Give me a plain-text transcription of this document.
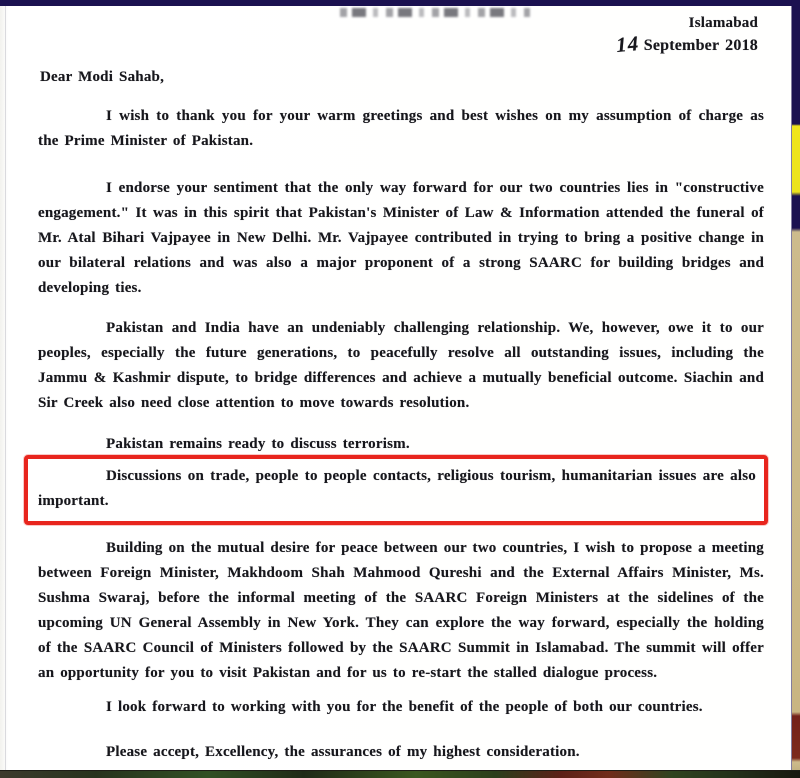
Islamabad
14 September 2018
Dear Modi Sahab,

I wish to thank you for your warm greetings and best wishes on my assumption of charge as the Prime Minister of Pakistan.

I endorse your sentiment that the only way forward for our two countries lies in "constructive engagement." It was in this spirit that Pakistan's Minister of Law & Information attended the funeral of Mr. Atal Bihari Vajpayee in New Delhi. Mr. Vajpayee contributed in trying to bring a positive change in our bilateral relations and was also a major proponent of a strong SAARC for building bridges and developing ties.

Pakistan and India have an undeniably challenging relationship. We, however, owe it to our peoples, especially the future generations, to peacefully resolve all outstanding issues, including the Jammu & Kashmir dispute, to bridge differences and achieve a mutually beneficial outcome. Siachin and Sir Creek also need close attention to move towards resolution.

Pakistan remains ready to discuss terrorism.

Discussions on trade, people to people contacts, religious tourism, humanitarian issues are also important.

Building on the mutual desire for peace between our two countries, I wish to propose a meeting between Foreign Minister, Makhdoom Shah Mahmood Qureshi and the External Affairs Minister, Ms. Sushma Swaraj, before the informal meeting of the SAARC Foreign Ministers at the sidelines of the upcoming UN General Assembly in New York. They can explore the way forward, especially the holding of the SAARC Council of Ministers followed by the SAARC Summit in Islamabad. The summit will offer an opportunity for you to visit Pakistan and for us to re-start the stalled dialogue process.

I look forward to working with you for the benefit of the people of both our countries.

Please accept, Excellency, the assurances of my highest consideration.
